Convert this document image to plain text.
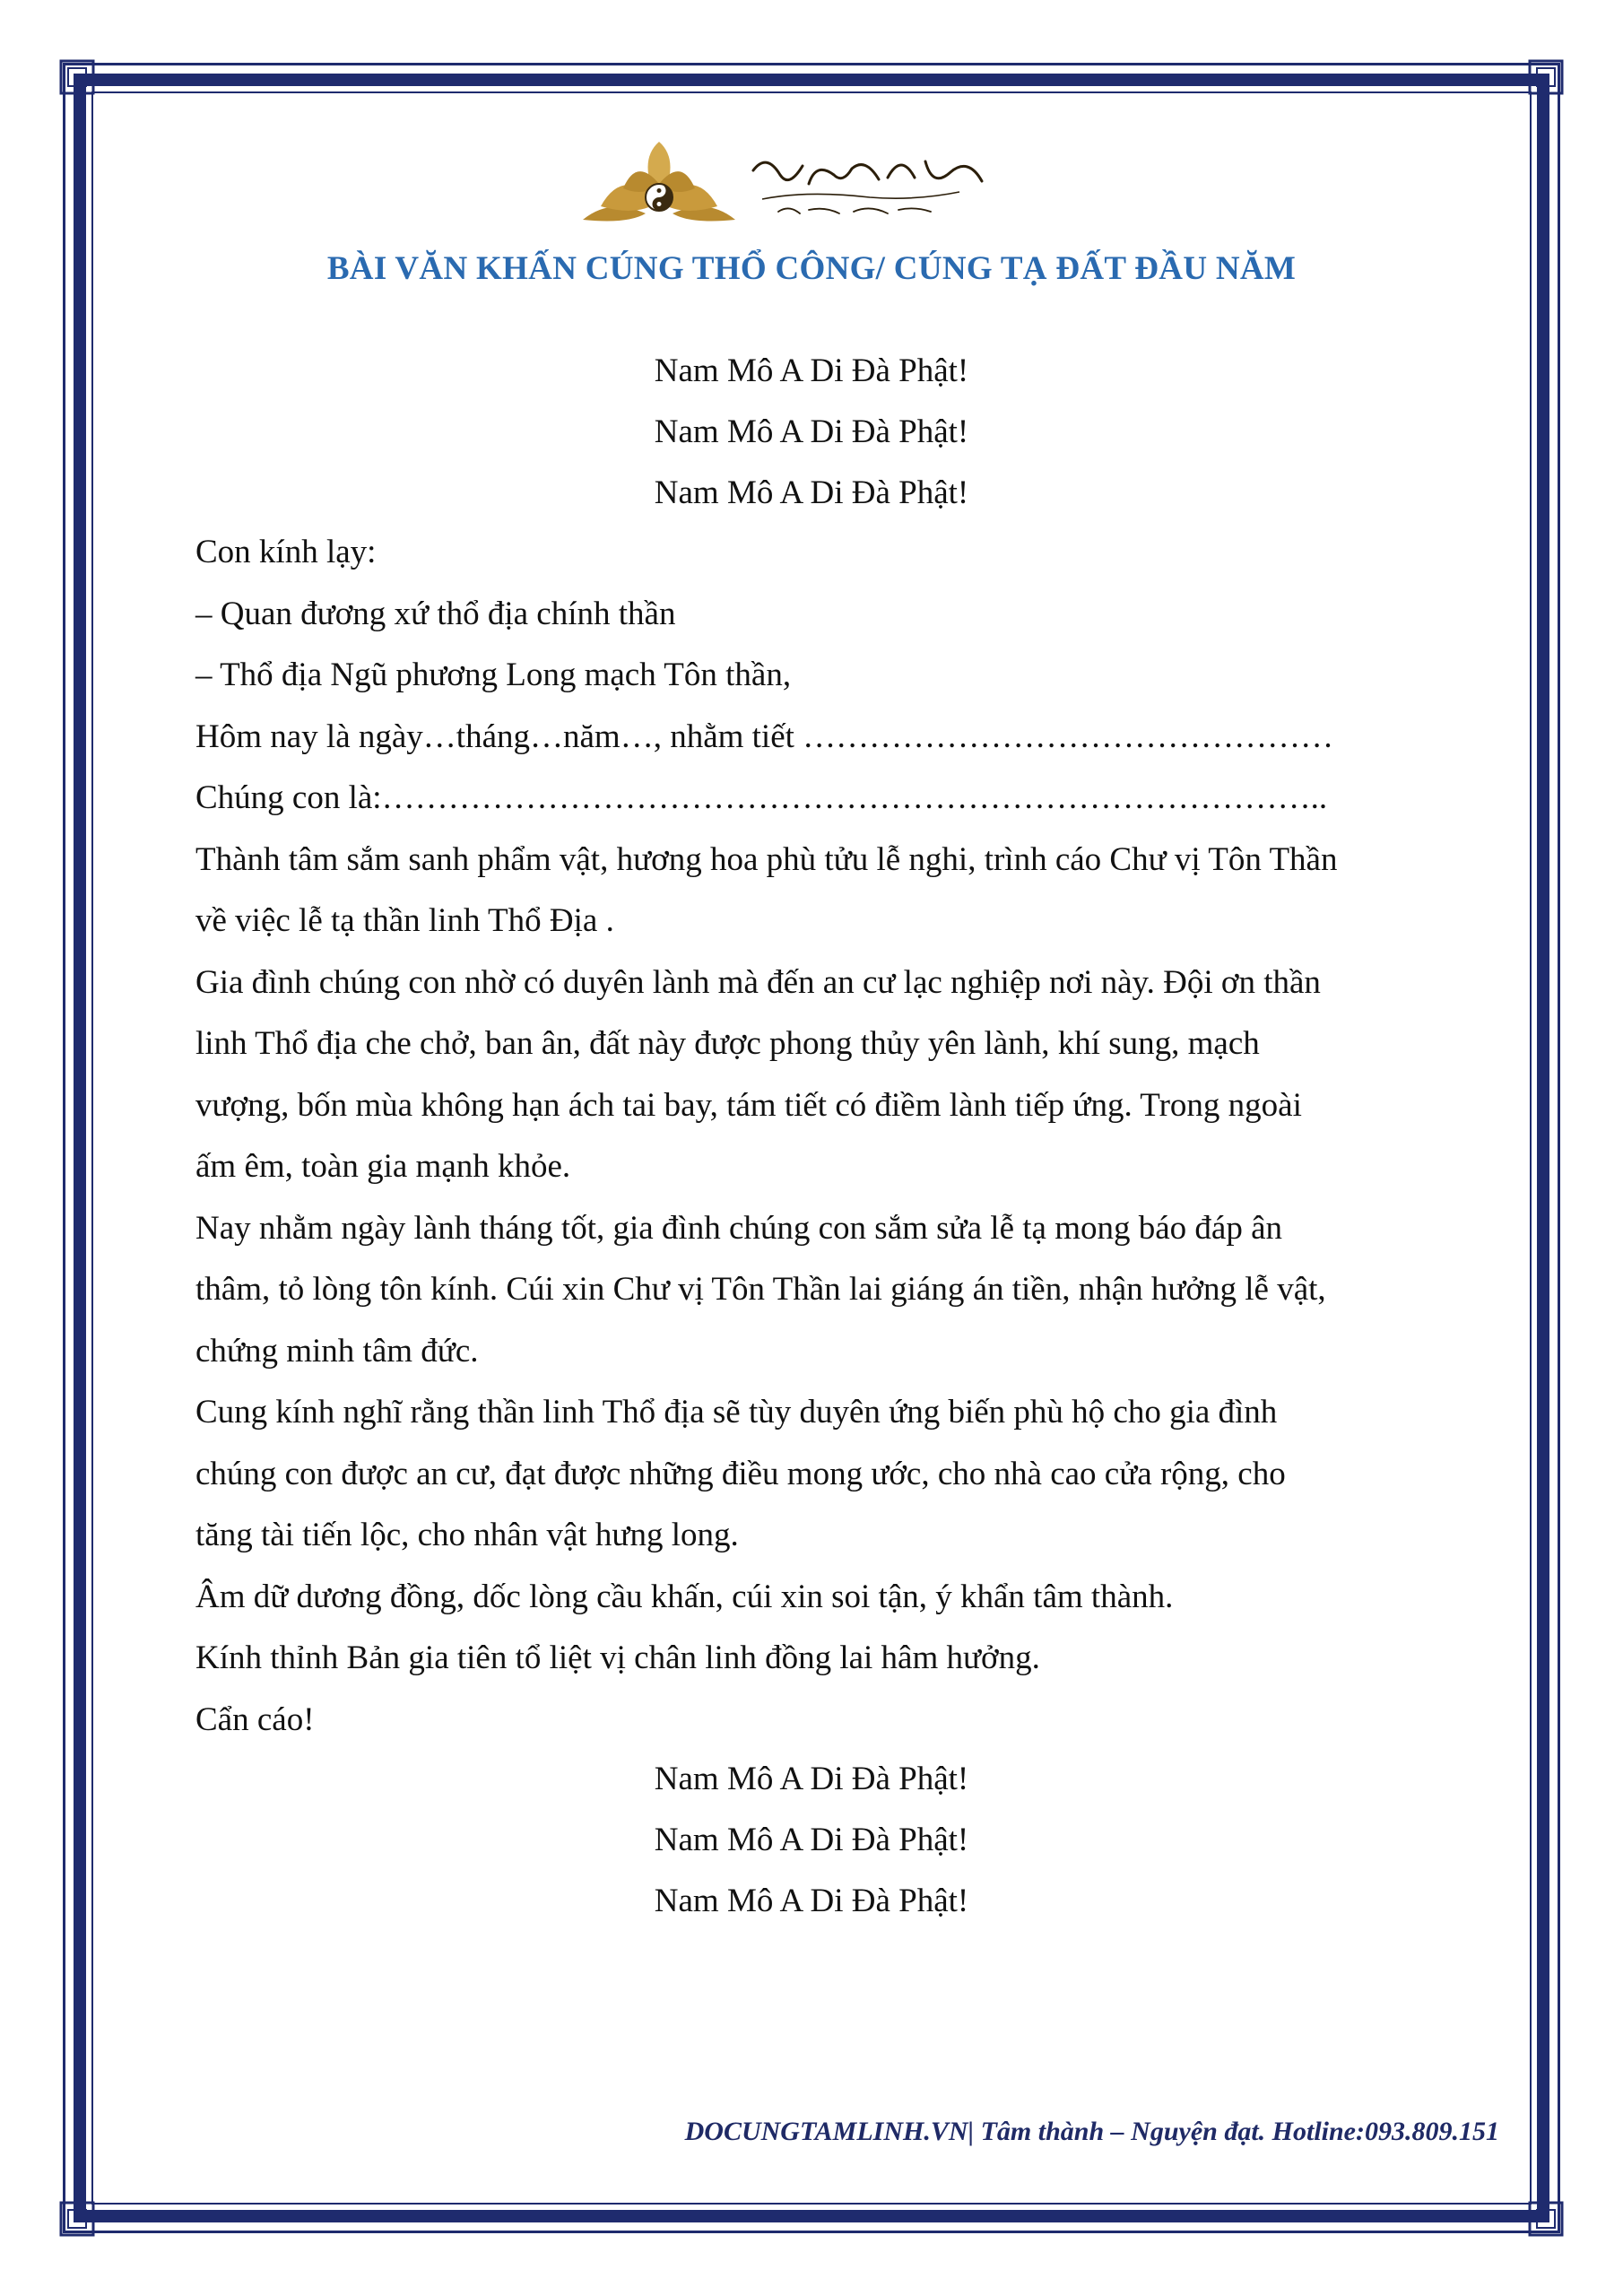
BÀI VĂN KHẤN CÚNG THỔ CÔNG/ CÚNG TẠ ĐẤT ĐẦU NĂM
Nam Mô A Di Đà Phật!
Nam Mô A Di Đà Phật!
Nam Mô A Di Đà Phật!
Con kính lạy:
– Quan đương xứ thổ địa chính thần
– Thổ địa Ngũ phương Long mạch Tôn thần,
Hôm nay là ngày…tháng…năm…, nhằm tiết …………………………………………
Chúng con là:…………………………………………………………………………..
Thành tâm sắm sanh phẩm vật, hương hoa phù tửu lễ nghi, trình cáo Chư vị Tôn Thần
về việc lễ tạ thần linh Thổ Địa .
Gia đình chúng con nhờ có duyên lành mà đến an cư lạc nghiệp nơi này. Đội ơn thần
linh Thổ địa che chở, ban ân, đất này được phong thủy yên lành, khí sung, mạch
vượng, bốn mùa không hạn ách tai bay, tám tiết có điềm lành tiếp ứng. Trong ngoài
ấm êm, toàn gia mạnh khỏe.
Nay nhằm ngày lành tháng tốt, gia đình chúng con sắm sửa lễ tạ mong báo đáp ân
thâm, tỏ lòng tôn kính. Cúi xin Chư vị Tôn Thần lai giáng án tiền, nhận hưởng lễ vật,
chứng minh tâm đức.
Cung kính nghĩ rằng thần linh Thổ địa sẽ tùy duyên ứng biến phù hộ cho gia đình
chúng con được an cư, đạt được những điều mong ước, cho nhà cao cửa rộng, cho
tăng tài tiến lộc, cho nhân vật hưng long.
Âm dữ dương đồng, dốc lòng cầu khấn, cúi xin soi tận, ý khẩn tâm thành.
Kính thỉnh Bản gia tiên tổ liệt vị chân linh đồng lai hâm hưởng.
Cẩn cáo!
Nam Mô A Di Đà Phật!
Nam Mô A Di Đà Phật!
Nam Mô A Di Đà Phật!
DOCUNGTAMLINH.VN| Tâm thành – Nguyện đạt. Hotline:093.809.151
